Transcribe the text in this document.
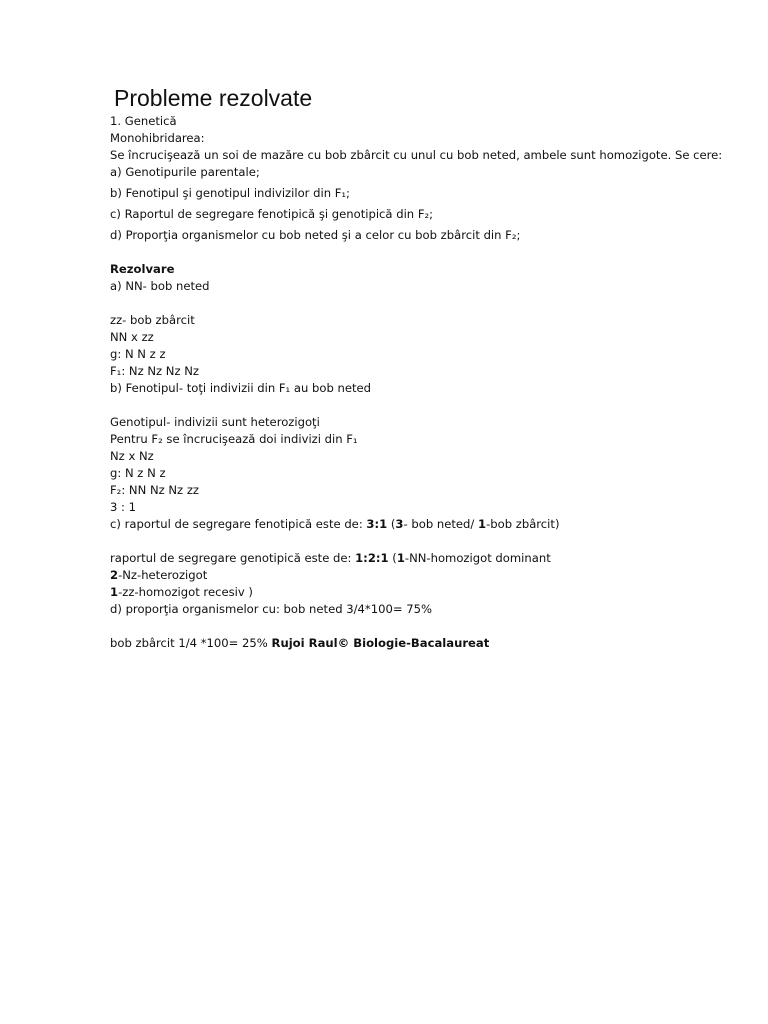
Probleme rezolvate
1. Genetică
Monohibridarea:
Se încrucişează un soi de mazăre cu bob zbârcit cu unul cu bob neted, ambele sunt homozigote. Se cere:
a) Genotipurile parentale;
b) Fenotipul şi genotipul indivizilor din F₁;
c) Raportul de segregare fenotipică şi genotipică din F₂;
d) Proporţia organismelor cu bob neted şi a celor cu bob zbârcit din F₂;
Rezolvare
a) NN- bob neted
zz- bob zbârcit
NN x zz
g: N N z z
F₁: Nz Nz Nz Nz
b) Fenotipul- toţi indivizii din F₁ au bob neted
Genotipul- indivizii sunt heterozigoţi
Pentru F₂ se încrucişează doi indivizi din F₁
Nz x Nz
g: N z N z
F₂: NN Nz Nz zz
3 : 1
c) raportul de segregare fenotipică este de: 3:1 (3- bob neted/ 1-bob zbârcit)
raportul de segregare genotipică este de: 1:2:1 (1-NN-homozigot dominant
2-Nz-heterozigot
1-zz-homozigot recesiv )
d) proporţia organismelor cu: bob neted 3/4*100= 75%
bob zbârcit 1/4 *100= 25% Rujoi Raul© Biologie-Bacalaureat
